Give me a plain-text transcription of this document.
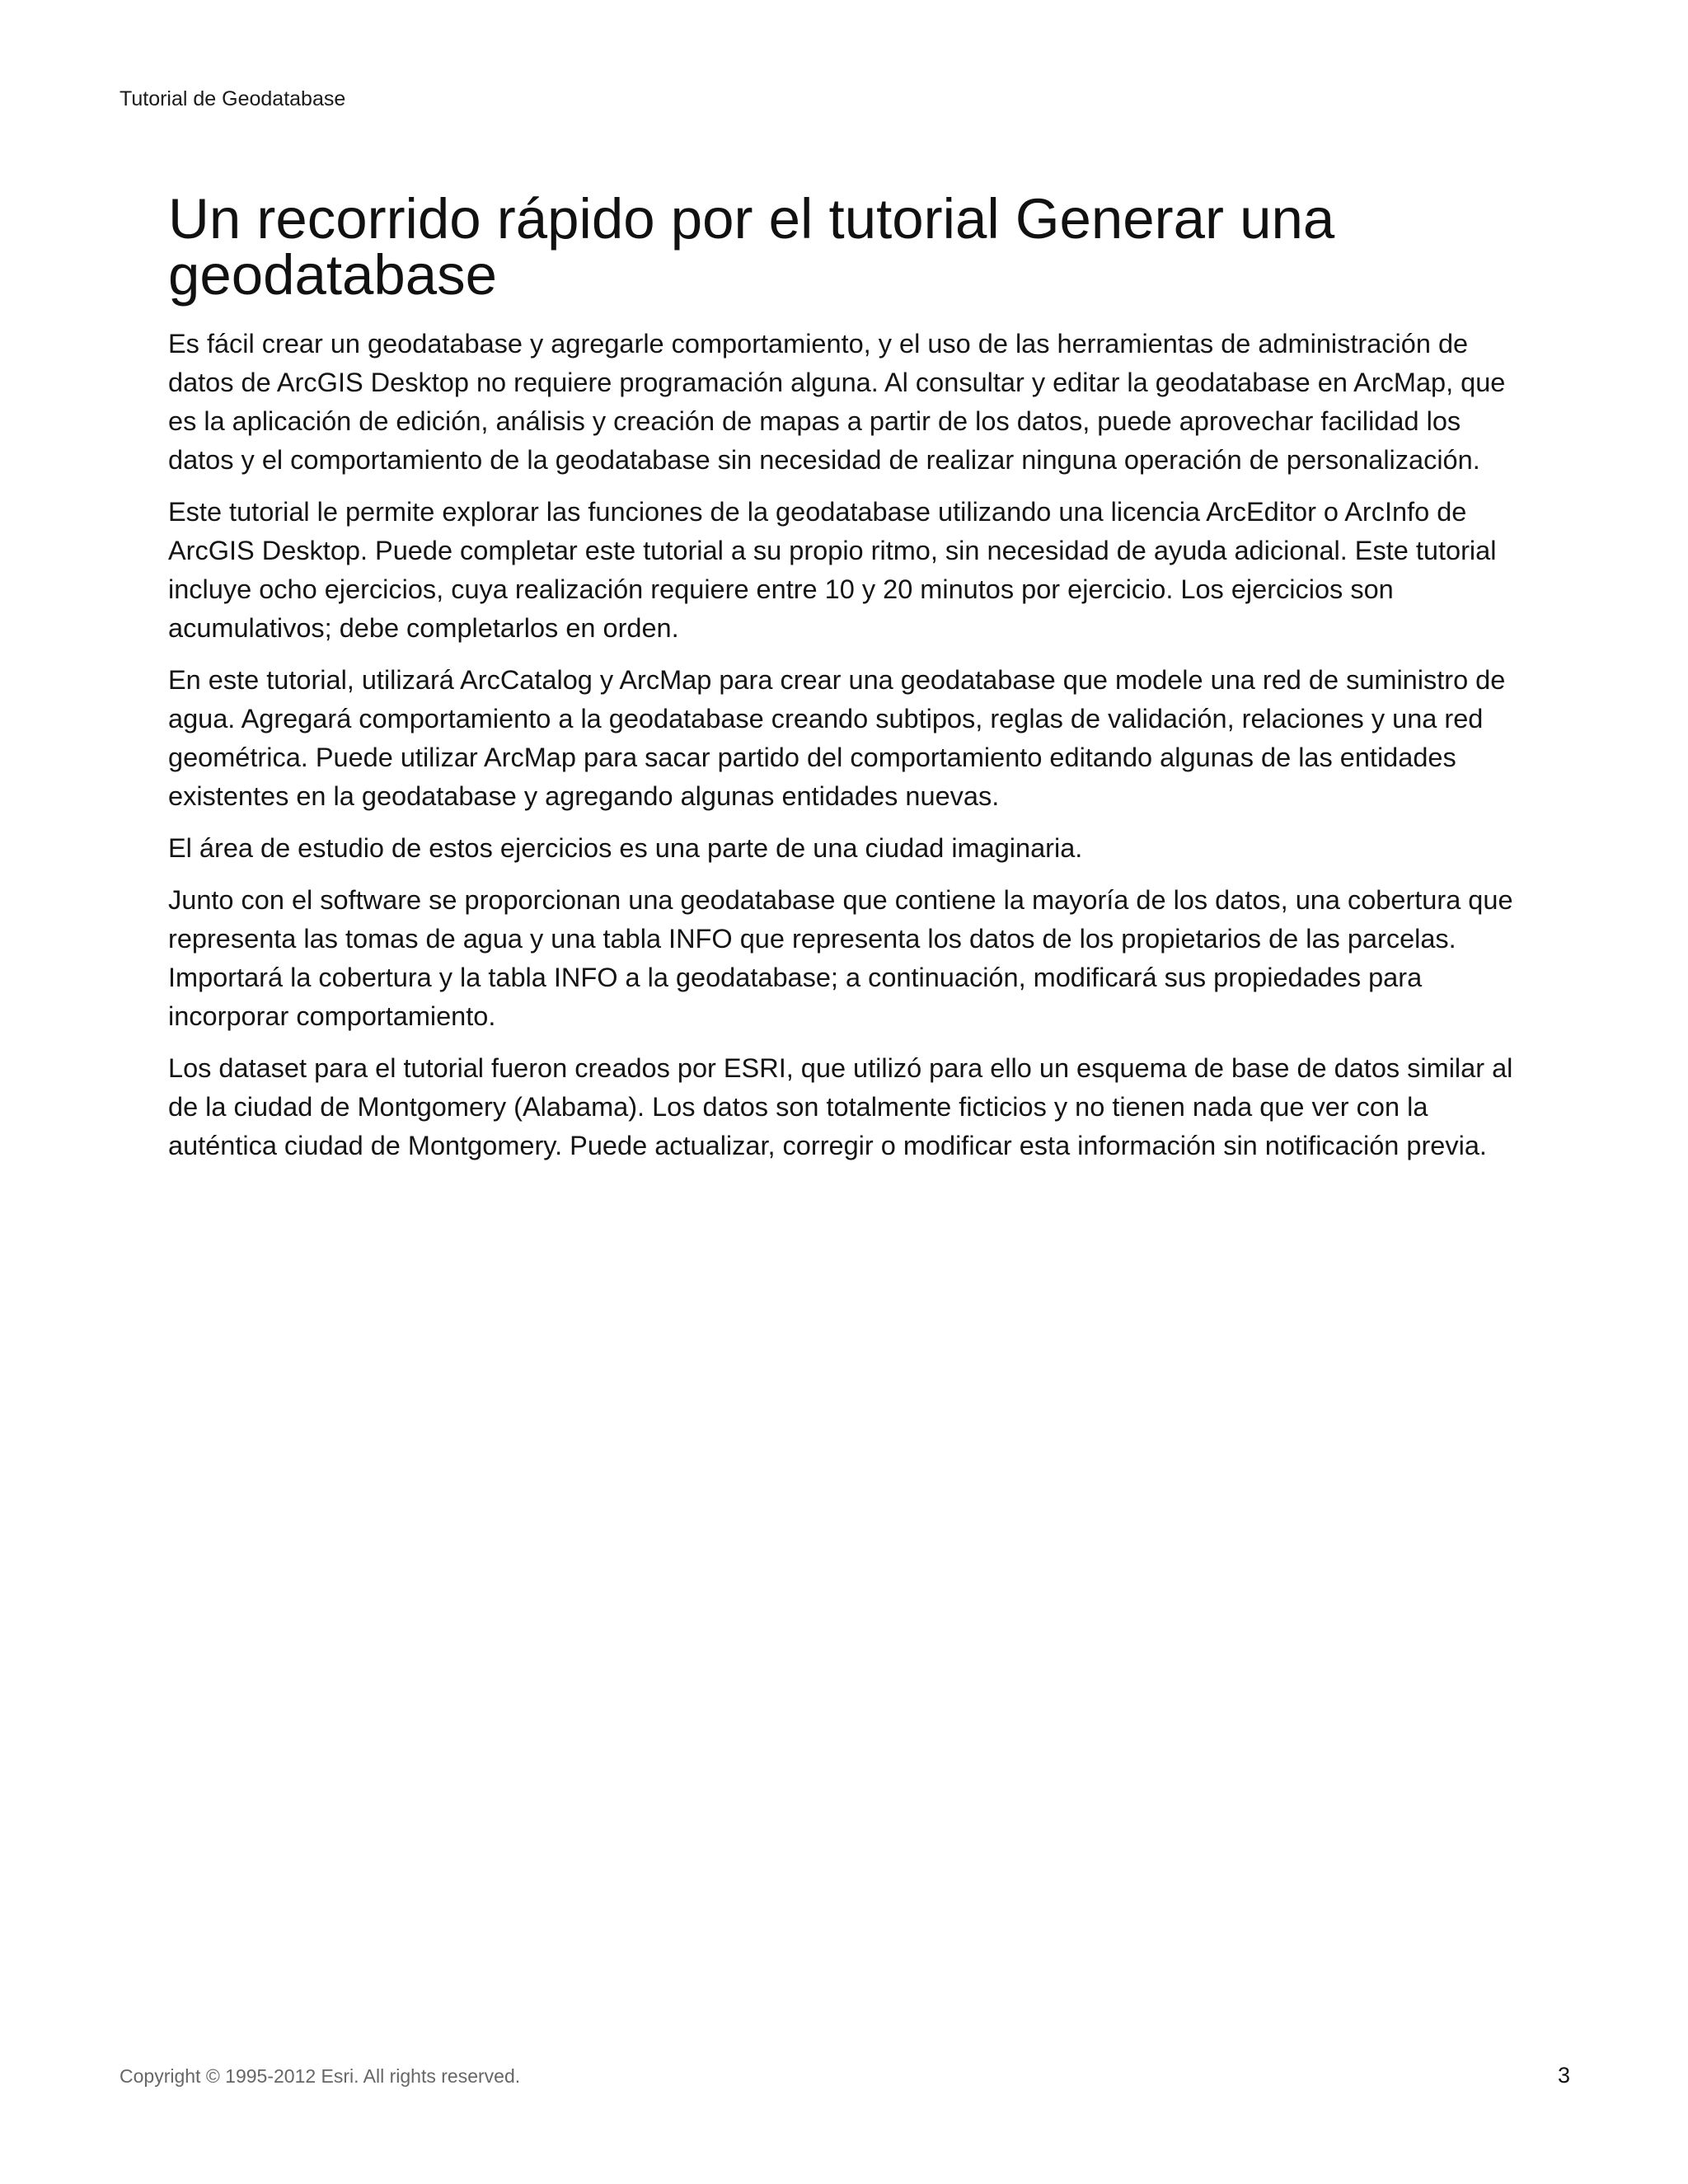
Tutorial de Geodatabase
Un recorrido rápido por el tutorial Generar una geodatabase

Es fácil crear un geodatabase y agregarle comportamiento, y el uso de las herramientas de administración de datos de ArcGIS Desktop no requiere programación alguna. Al consultar y editar la geodatabase en ArcMap, que es la aplicación de edición, análisis y creación de mapas a partir de los datos, puede aprovechar facilidad los datos y el comportamiento de la geodatabase sin necesidad de realizar ninguna operación de personalización.

Este tutorial le permite explorar las funciones de la geodatabase utilizando una licencia ArcEditor o ArcInfo de ArcGIS Desktop. Puede completar este tutorial a su propio ritmo, sin necesidad de ayuda adicional. Este tutorial incluye ocho ejercicios, cuya realización requiere entre 10 y 20 minutos por ejercicio. Los ejercicios son acumulativos; debe completarlos en orden.

En este tutorial, utilizará ArcCatalog y ArcMap para crear una geodatabase que modele una red de suministro de agua. Agregará comportamiento a la geodatabase creando subtipos, reglas de validación, relaciones y una red geométrica. Puede utilizar ArcMap para sacar partido del comportamiento editando algunas de las entidades existentes en la geodatabase y agregando algunas entidades nuevas.

El área de estudio de estos ejercicios es una parte de una ciudad imaginaria.

Junto con el software se proporcionan una geodatabase que contiene la mayoría de los datos, una cobertura que representa las tomas de agua y una tabla INFO que representa los datos de los propietarios de las parcelas. Importará la cobertura y la tabla INFO a la geodatabase; a continuación, modificará sus propiedades para incorporar comportamiento.

Los dataset para el tutorial fueron creados por ESRI, que utilizó para ello un esquema de base de datos similar al de la ciudad de Montgomery (Alabama). Los datos son totalmente ficticios y no tienen nada que ver con la auténtica ciudad de Montgomery. Puede actualizar, corregir o modificar esta información sin notificación previa.

Copyright © 1995-2012 Esri. All rights reserved.	3
